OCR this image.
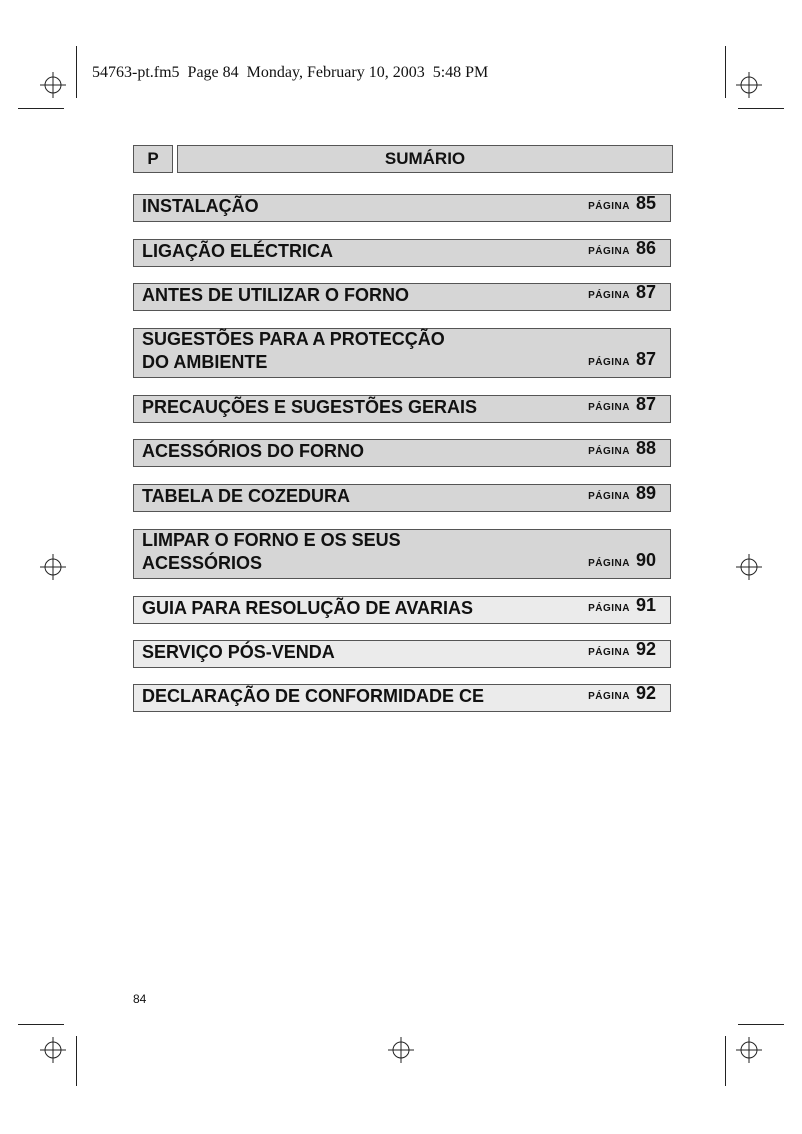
54763-pt.fm5  Page 84  Monday, February 10, 2003  5:48 PM
P	SUMÁRIO
INSTALAÇÃO	PÁGINA 85
LIGAÇÃO ELÉCTRICA	PÁGINA 86
ANTES DE UTILIZAR O FORNO	PÁGINA 87
SUGESTÕES PARA A PROTECÇÃO
DO AMBIENTE	PÁGINA 87
PRECAUÇÕES E SUGESTÕES GERAIS	PÁGINA 87
ACESSÓRIOS DO FORNO	PÁGINA 88
TABELA DE COZEDURA	PÁGINA 89
LIMPAR O FORNO E OS SEUS
ACESSÓRIOS	PÁGINA 90
GUIA PARA RESOLUÇÃO DE AVARIAS	PÁGINA 91
SERVIÇO PÓS-VENDA	PÁGINA 92
DECLARAÇÃO DE CONFORMIDADE CE	PÁGINA 92
84
